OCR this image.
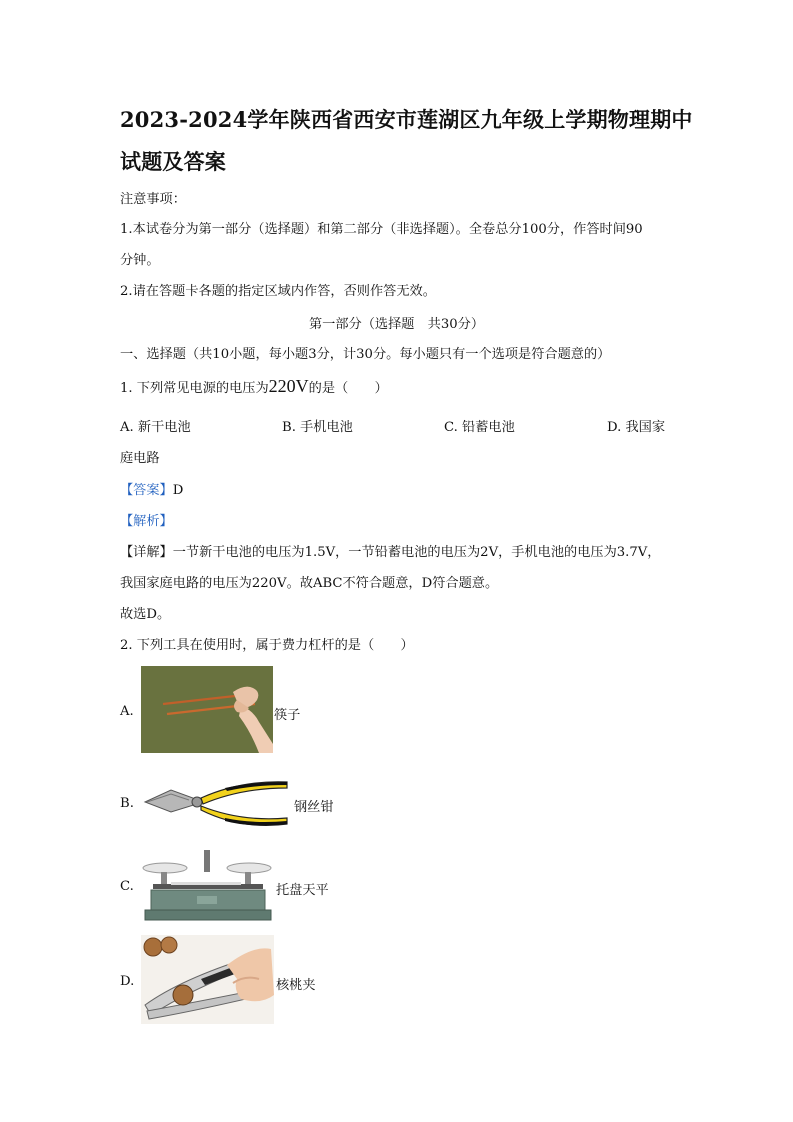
2023-2024学年陕西省西安市莲湖区九年级上学期物理期中
试题及答案
注意事项：
1.本试卷分为第一部分（选择题）和第二部分（非选择题）。全卷总分100分，作答时间90
分钟。
2.请在答题卡各题的指定区域内作答，否则作答无效。
第一部分（选择题　共30分）
一、选择题（共10小题，每小题3分，计30分。每小题只有一个选项是符合题意的）
1. 下列常见电源的电压为220V的是（　　）
A. 新干电池	B. 手机电池	C. 铅蓄电池	D. 我国家
庭电路
【答案】D
【解析】
【详解】一节新干电池的电压为1.5V，一节铅蓄电池的电压为2V，手机电池的电压为3.7V，
我国家庭电路的电压为220V。故ABC不符合题意，D符合题意。
故选D。
2. 下列工具在使用时，属于费力杠杆的是（　　）
A.	筷子
B.	钢丝钳
C.	托盘天平
D.	核桃夹
